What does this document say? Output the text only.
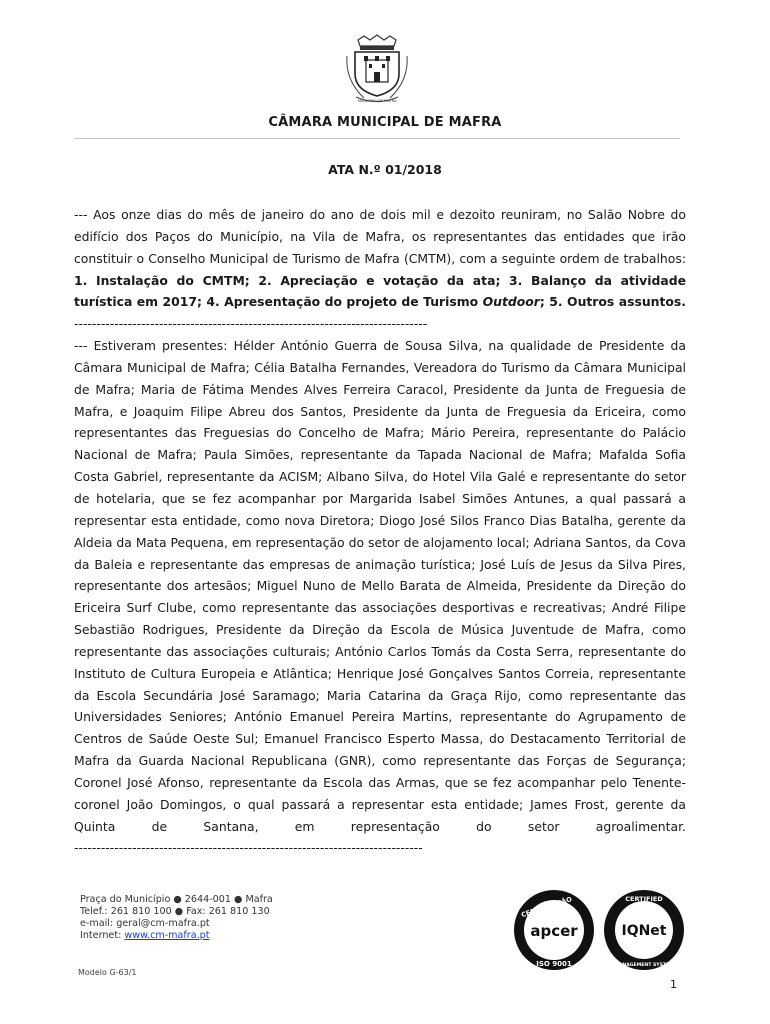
MUNICÍPIO DE MAFRA
CÂMARA MUNICIPAL DE MAFRA
ATA N.º 01/2018

--- Aos onze dias do mês de janeiro do ano de dois mil e dezoito reuniram, no Salão Nobre do edifício dos Paços do Município, na Vila de Mafra, os representantes das entidades que irão constituir o Conselho Municipal de Turismo de Mafra (CMTM), com a seguinte ordem de trabalhos: 1. Instalação do CMTM; 2. Apreciação e votação da ata; 3. Balanço da atividade turística em 2017; 4. Apresentação do projeto de Turismo Outdoor; 5. Outros assuntos. -------------------------------------------------------------------------------

--- Estiveram presentes: Hélder António Guerra de Sousa Silva, na qualidade de Presidente da Câmara Municipal de Mafra; Célia Batalha Fernandes, Vereadora do Turismo da Câmara Municipal de Mafra; Maria de Fátima Mendes Alves Ferreira Caracol, Presidente da Junta de Freguesia de Mafra, e Joaquim Filipe Abreu dos Santos, Presidente da Junta de Freguesia da Ericeira, como representantes das Freguesias do Concelho de Mafra; Mário Pereira, representante do Palácio Nacional de Mafra; Paula Simões, representante da Tapada Nacional de Mafra; Mafalda Sofia Costa Gabriel, representante da ACISM; Albano Silva, do Hotel Vila Galé e representante do setor de hotelaria, que se fez acompanhar por Margarida Isabel Simões Antunes, a qual passará a representar esta entidade, como nova Diretora; Diogo José Silos Franco Dias Batalha, gerente da Aldeia da Mata Pequena, em representação do setor de alojamento local; Adriana Santos, da Cova da Baleia e representante das empresas de animação turística; José Luís de Jesus da Silva Pires, representante dos artesãos; Miguel Nuno de Mello Barata de Almeida, Presidente da Direção do Ericeira Surf Clube, como representante das associações desportivas e recreativas; André Filipe Sebastião Rodrigues, Presidente da Direção da Escola de Música Juventude de Mafra, como representante das associações culturais; António Carlos Tomás da Costa Serra, representante do Instituto de Cultura Europeia e Atlântica; Henrique José Gonçalves Santos Correia, representante da Escola Secundária José Saramago; Maria Catarina da Graça Rijo, como representante das Universidades Seniores; António Emanuel Pereira Martins, representante do Agrupamento de Centros de Saúde Oeste Sul; Emanuel Francisco Esperto Massa, do Destacamento Territorial de Mafra da Guarda Nacional Republicana (GNR), como representante das Forças de Segurança; Coronel José Afonso, representante da Escola das Armas, que se fez acompanhar pelo Tenente-coronel João Domingos, o qual passará a representar esta entidade; James Frost, gerente da Quinta de Santana, em representação do setor agroalimentar. ------------------------------------------------------------------------------

Praça do Município ● 2644-001 ● Mafra
Telef.: 261 810 100 ● Fax: 261 810 130
e-mail: geral@cm-mafra.pt
Internet: www.cm-mafra.pt
CERTIFICAÇÃO
apcer
ISO 9001
CERTIFIED
IQNet
MANAGEMENT SYSTEM
Modelo G-63/1
1
